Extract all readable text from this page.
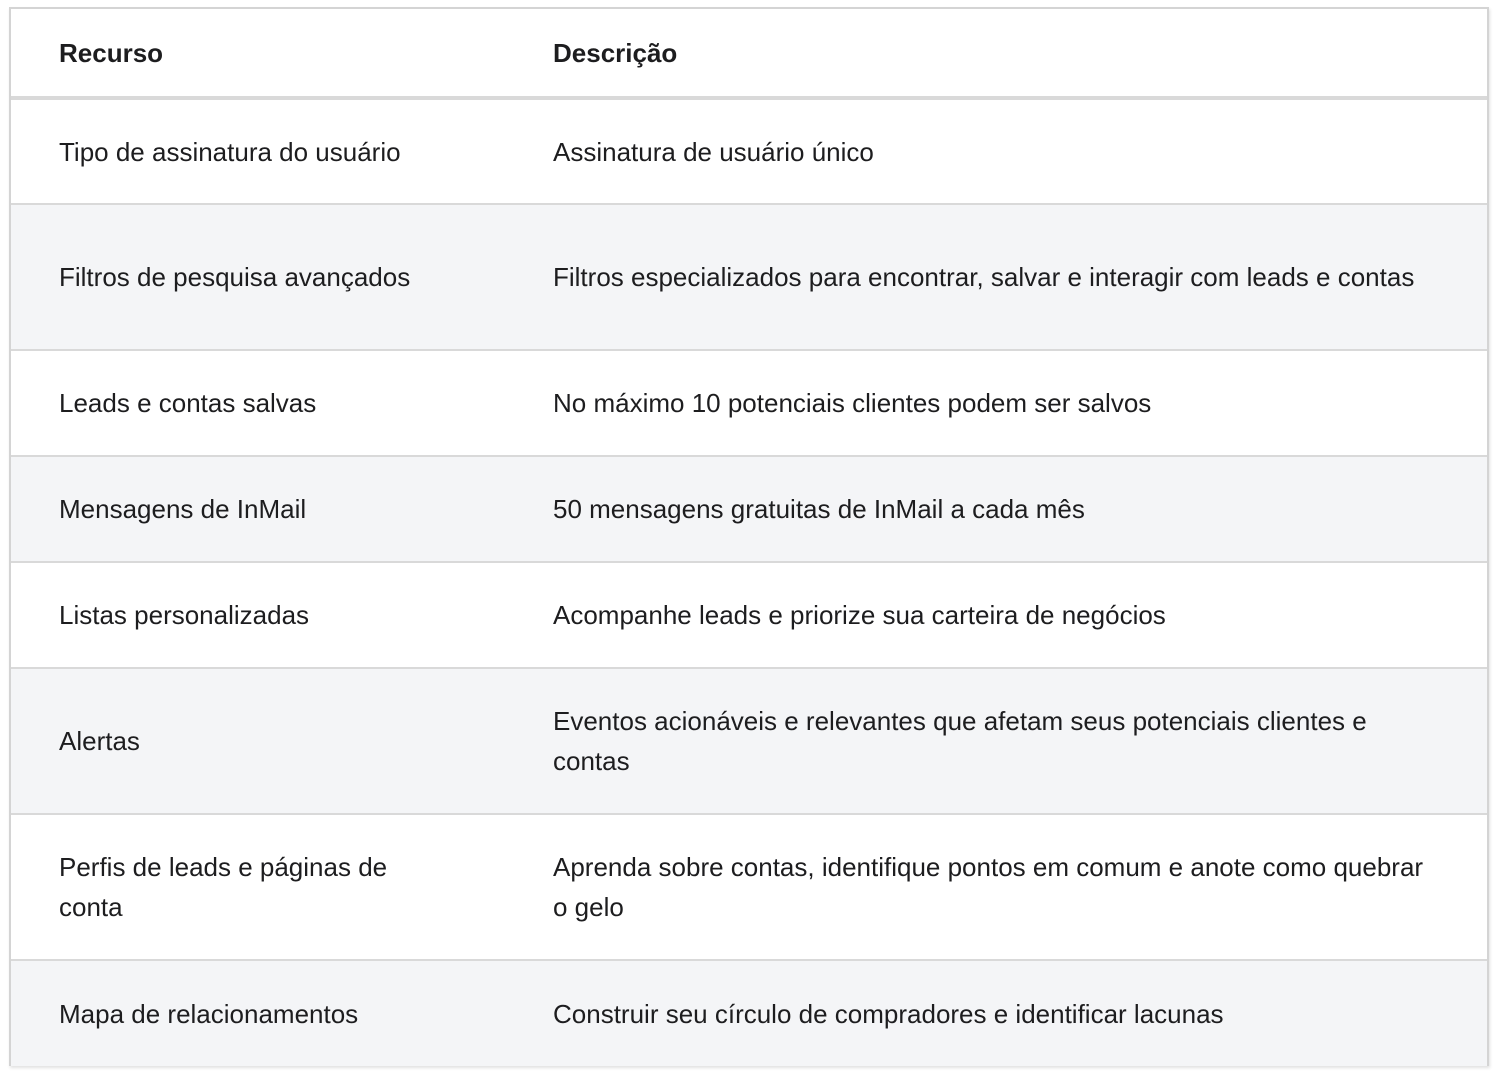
Recurso	Descrição
Tipo de assinatura do usuário	Assinatura de usuário único
Filtros de pesquisa avançados	Filtros especializados para encontrar, salvar e interagir com leads e contas
Leads e contas salvas	No máximo 10 potenciais clientes podem ser salvos
Mensagens de InMail	50 mensagens gratuitas de InMail a cada mês
Listas personalizadas	Acompanhe leads e priorize sua carteira de negócios
Alertas	Eventos acionáveis e relevantes que afetam seus potenciais clientes e contas
Perfis de leads e páginas de conta	Aprenda sobre contas, identifique pontos em comum e anote como quebrar o gelo
Mapa de relacionamentos	Construir seu círculo de compradores e identificar lacunas
